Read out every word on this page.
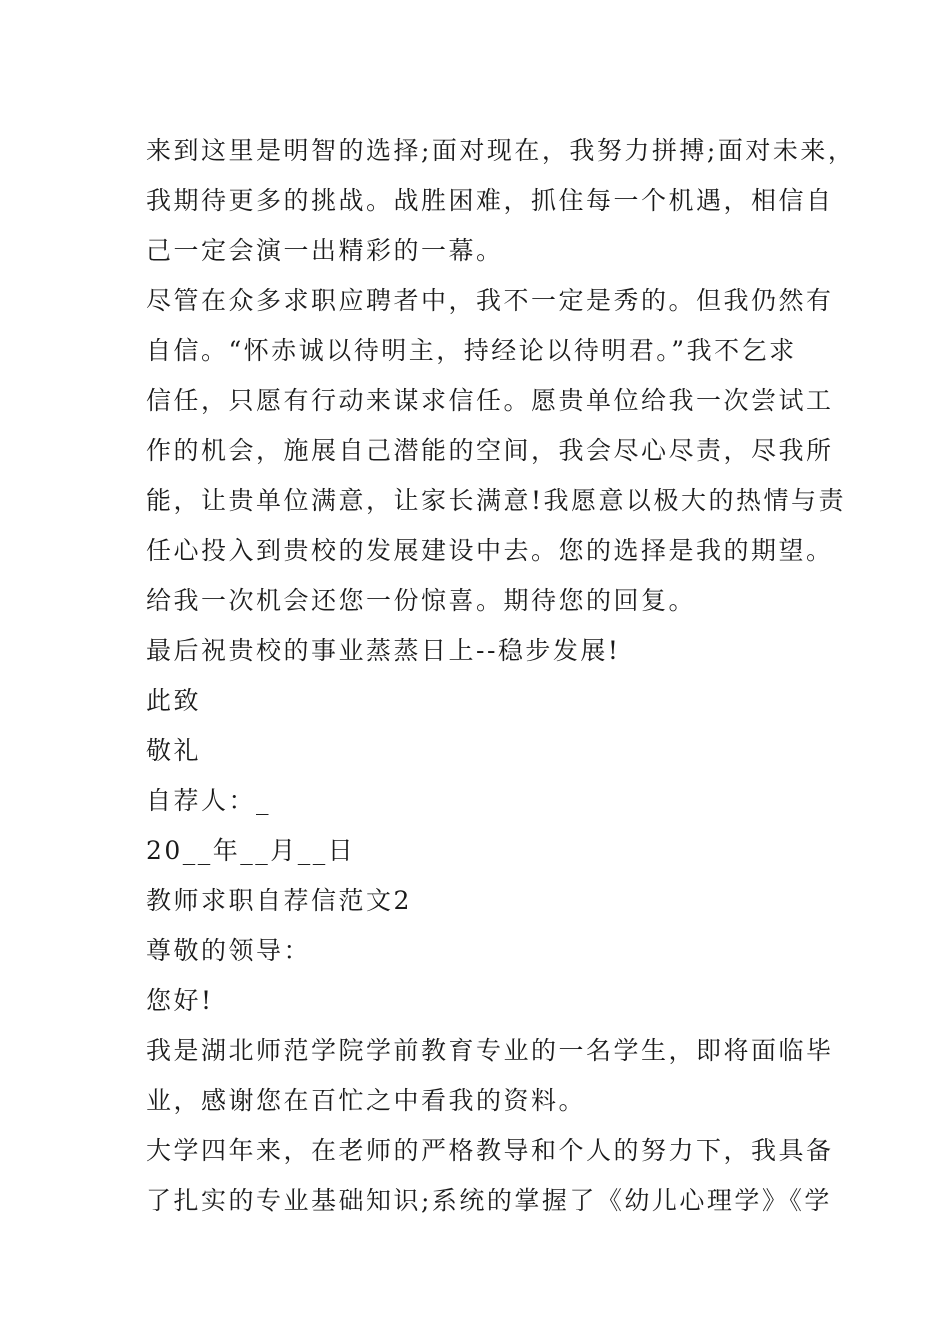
来到这里是明智的选择;面对现在，我努力拼搏;面对未来，
我期待更多的挑战。战胜困难，抓住每一个机遇，相信自
己一定会演一出精彩的一幕。
尽管在众多求职应聘者中，我不一定是秀的。但我仍然有
自信。“怀赤诚以待明主，持经论以待明君。”我不乞求
信任，只愿有行动来谋求信任。愿贵单位给我一次尝试工
作的机会，施展自己潜能的空间，我会尽心尽责，尽我所
能，让贵单位满意，让家长满意!我愿意以极大的热情与责
任心投入到贵校的发展建设中去。您的选择是我的期望。
给我一次机会还您一份惊喜。期待您的回复。
最后祝贵校的事业蒸蒸日上--稳步发展!
此致
敬礼
自荐人：_
20__年__月__日
教师求职自荐信范文2
尊敬的领导：
您好!
我是湖北师范学院学前教育专业的一名学生，即将面临毕
业，感谢您在百忙之中看我的资料。
大学四年来，在老师的严格教导和个人的努力下，我具备
了扎实的专业基础知识;系统的掌握了《幼儿心理学》《学
